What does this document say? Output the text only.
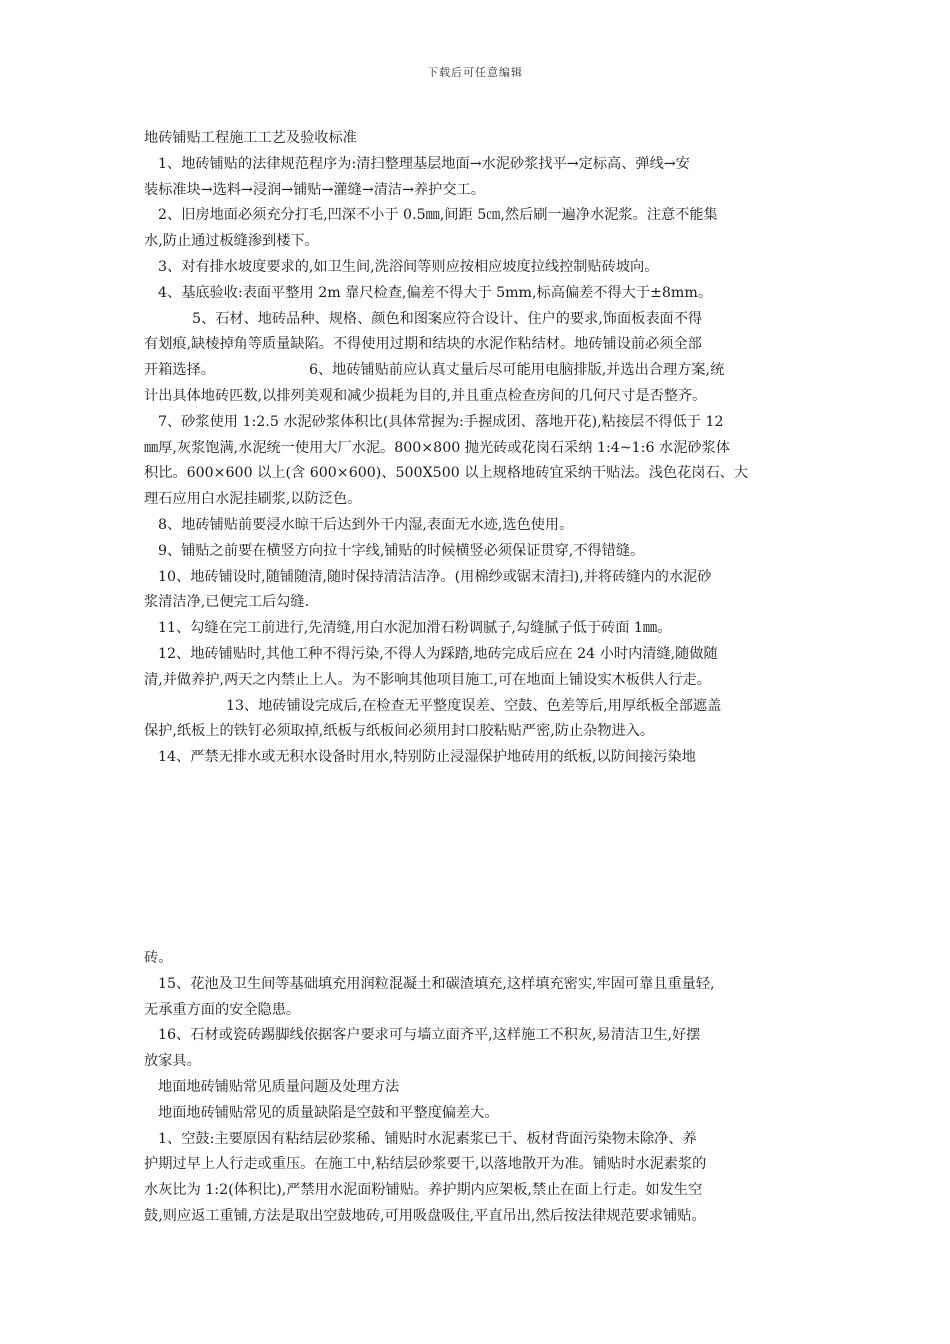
下载后可任意编辑

地砖铺贴工程施工工艺及验收标准

1、地砖铺贴的法律规范程序为:清扫整理基层地面→水泥砂浆找平→定标高、弹线→安

装标准块→选料→浸润→铺贴→灌缝→清洁→养护交工。

2、旧房地面必须充分打毛,凹深不小于 0.5㎜,间距 5㎝,然后刷一遍净水泥浆。注意不能集

水,防止通过板缝渗到楼下。

3、对有排水坡度要求的,如卫生间,洗浴间等则应按相应坡度拉线控制贴砖坡向。

4、基底验收:表面平整用 2m 靠尺检查,偏差不得大于 5mm,标高偏差不得大于±8mm。

5、石材、地砖品种、规格、颜色和图案应符合设计、住户的要求,饰面板表面不得

有划痕,缺棱掉角等质量缺陷。不得使用过期和结块的水泥作粘结材。地砖铺设前必须全部

开箱选择。	6、地砖铺贴前应认真丈量后尽可能用电脑排版,并选出合理方案,统

计出具体地砖匹数,以排列美观和减少损耗为目的,并且重点检查房间的几何尺寸是否整齐。

7、砂浆使用 1:2.5 水泥砂浆体积比(具体常握为:手握成团、落地开花),粘接层不得低于 12

㎜厚,灰浆饱满,水泥统一使用大厂水泥。800×800 抛光砖或花岗石采纳 1:4~1:6 水泥砂浆体

积比。600×600 以上(含 600×600)、500X500 以上规格地砖宜采纳干贴法。浅色花岗石、大

理石应用白水泥挂刷浆,以防泛色。

8、地砖铺贴前要浸水晾干后达到外干内湿,表面无水迹,选色使用。

9、铺贴之前要在横竖方向拉十字线,铺贴的时候横竖必须保证贯穿,不得错缝。

10、地砖铺设时,随铺随清,随时保持清洁洁净。(用棉纱或锯末清扫),并将砖缝内的水泥砂

浆清洁净,已便完工后勾缝.

11、勾缝在完工前进行,先清缝,用白水泥加滑石粉调腻子,勾缝腻子低于砖面 1㎜。

12、地砖铺贴时,其他工种不得污染,不得人为踩踏,地砖完成后应在 24 小时内清缝,随做随

清,并做养护,两天之内禁止上人。为不影响其他项目施工,可在地面上铺设实木板供人行走。

13、地砖铺设完成后,在检查无平整度误差、空鼓、色差等后,用厚纸板全部遮盖

保护,纸板上的铁钉必须取掉,纸板与纸板间必须用封口胶粘贴严密,防止杂物进入。

14、严禁无排水或无积水设备时用水,特别防止浸湿保护地砖用的纸板,以防间接污染地

砖。

15、花池及卫生间等基础填充用润粒混凝土和碳渣填充,这样填充密实,牢固可靠且重量轻,

无承重方面的安全隐患。

16、石材或瓷砖踢脚线依据客户要求可与墙立面齐平,这样施工不积灰,易清洁卫生,好摆

放家具。

地面地砖铺贴常见质量问题及处理方法

地面地砖铺贴常见的质量缺陷是空鼓和平整度偏差大。

1、空鼓:主要原因有粘结层砂浆稀、铺贴时水泥素浆已干、板材背面污染物未除净、养

护期过早上人行走或重压。在施工中,粘结层砂浆要干,以落地散开为准。铺贴时水泥素浆的

水灰比为 1:2(体积比),严禁用水泥面粉铺贴。养护期内应架板,禁止在面上行走。如发生空

鼓,则应返工重铺,方法是取出空鼓地砖,可用吸盘吸住,平直吊出,然后按法律规范要求铺贴。
